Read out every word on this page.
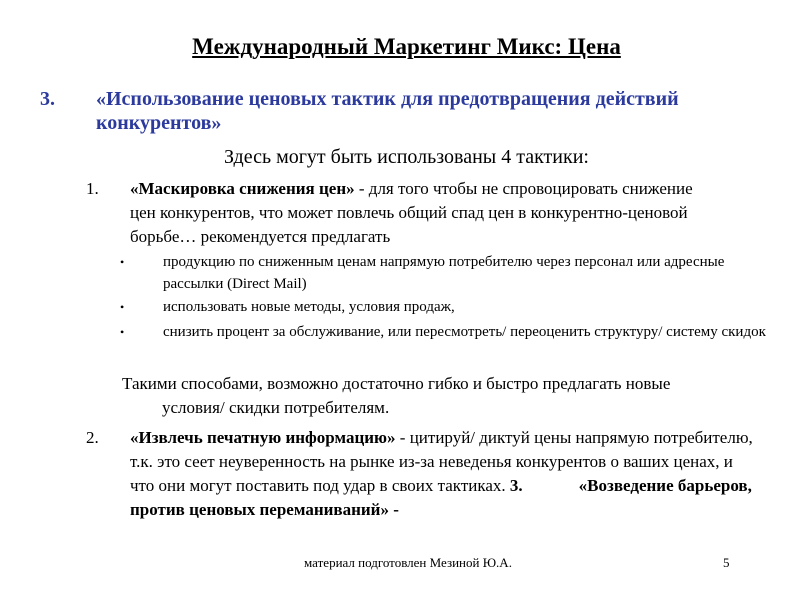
Международный Маркетинг Микс: Цена
3. «Использование ценовых тактик для предотвращения действий конкурентов»
Здесь могут быть использованы 4 тактики:
1. «Маскировка снижения цен» - для того чтобы не спровоцировать снижение цен конкурентов, что может повлечь общий спад цен в конкурентно-ценовой борьбе… рекомендуется предлагать
•	продукцию по сниженным ценам напрямую потребителю через персонал или адресные рассылки (Direct Mail)
•	использовать новые методы, условия продаж,
•	снизить процент за обслуживание, или пересмотреть/ переоценить структуру/ систему скидок
Такими способами, возможно достаточно гибко и быстро предлагать новые
условия/ скидки потребителям.
2. «Извлечь печатную информацию» - цитируй/ диктуй цены напрямую потребителю, т.к. это сеет неуверенность на рынке из-за неведенья конкурентов о ваших ценах, и что они могут поставить под удар в своих тактиках. 3.	«Возведение барьеров, против ценовых переманиваний» -
материал подготовлен Мезиной Ю.А.	5
